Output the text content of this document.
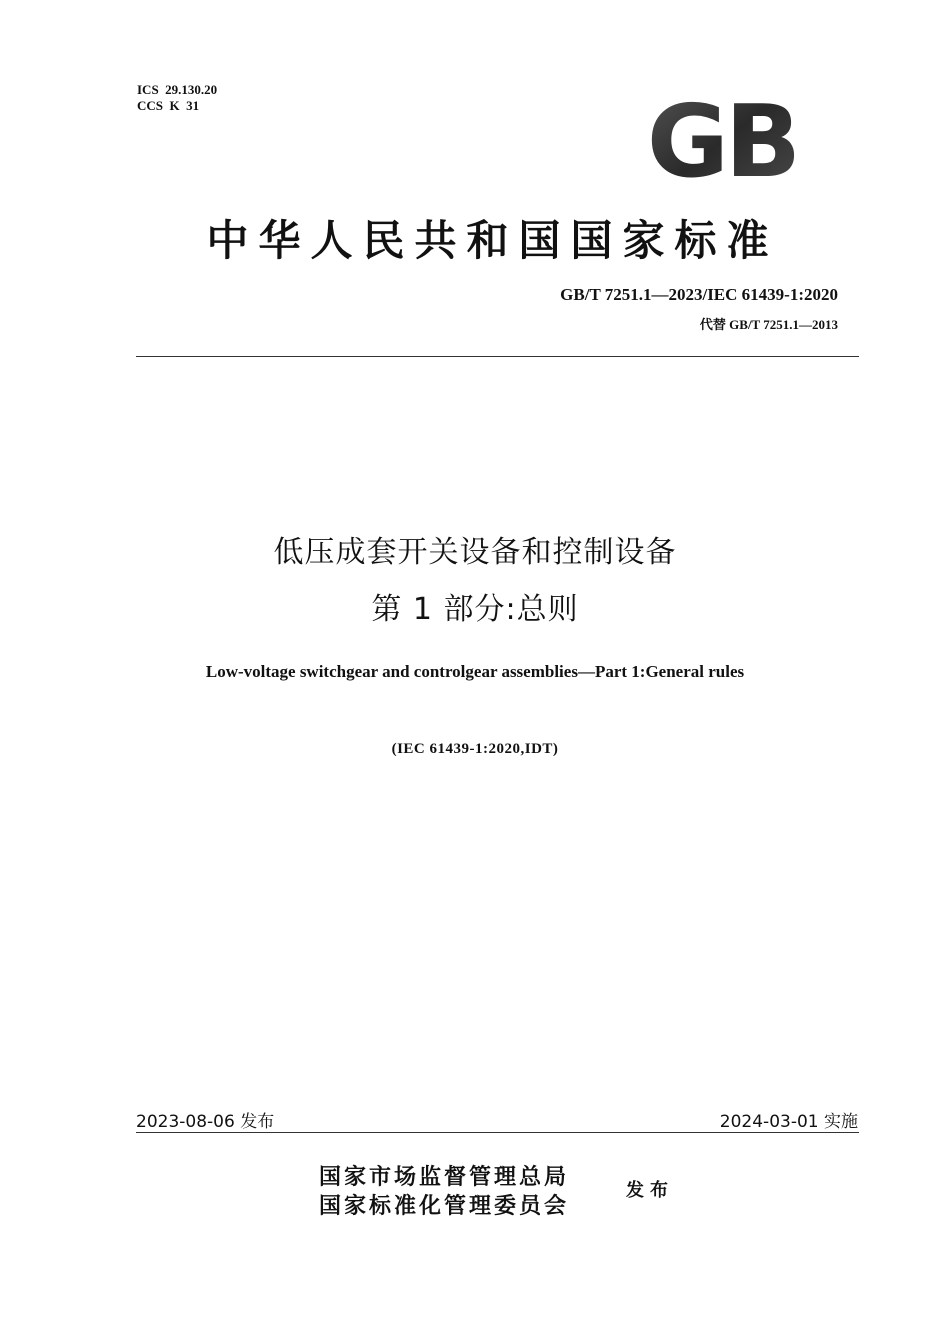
ICS  29.130.20
CCS  K  31	GB
中华人民共和国国家标准
GB/T 7251.1—2023/IEC 61439-1:2020
代替 GB/T 7251.1—2013
低压成套开关设备和控制设备
第 1 部分:总则
Low-voltage switchgear and controlgear assemblies—Part 1:General rules
(IEC 61439-1:2020,IDT)
2023-08-06 发布	2024-03-01 实施
国家市场监督管理总局
国家标准化管理委员会
发布
